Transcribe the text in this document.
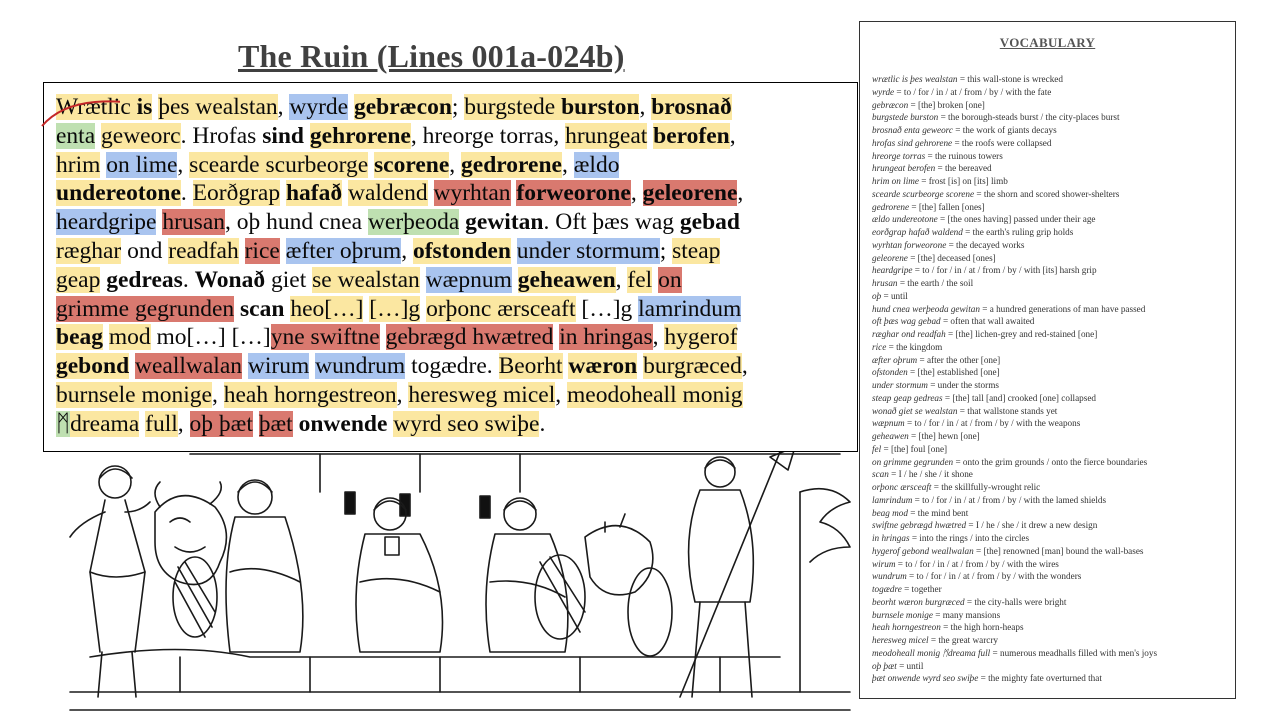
The Ruin (Lines 001a-024b)
Wrætlic is þes wealstan, wyrde gebræcon; burgstede burston, brosnað
enta geweorc. Hrofas sind gehrorene, hreorge torras, hrungeat berofen,
hrim on lime, scearde scurbeorge scorene, gedrorene, ældo
undereotone. Eorðgrap hafað waldend wyrhtan forweorone, geleorene,
heardgripe hrusan, oþ hund cnea werþeoda gewitan. Oft þæs wag gebad
ræghar ond readfah rice æfter oþrum, ofstonden under stormum; steap
geap gedreas. Wonað giet se wealstan wæpnum geheawen, fel on
grimme gegrunden scan heo[…] […]g orþonc ærsceaft […]g lamrindum
beag mod mo[…] […]yne swiftne gebrægd hwætred in hringas, hygerof
gebond weallwalan wirum wundrum togædre. Beorht wæron burgræced,
burnsele monige, heah horngestreon, heresweg micel, meodoheall monig
ᛗdreama full, oþ þæt þæt onwende wyrd seo swiþe.
VOCABULARY
wrætlic is þes wealstan = this wall-stone is wrecked
wyrde = to / for / in / at / from / by / with the fate
gebræcon = [the] broken [one]
burgstede burston = the borough-steads burst / the city-places burst
brosnað enta geweorc = the work of giants decays
hrofas sind gehrorene = the roofs were collapsed
hreorge torras = the ruinous towers
hrungeat berofen = the bereaved
hrim on lime = frost [is] on [its] limb
scearde scurbeorge scorene = the shorn and scored shower-shelters
gedrorene = [the] fallen [ones]
ældo undereotone = [the ones having] passed under their age
eorðgrap hafað waldend = the earth's ruling grip holds
wyrhtan forweorone = the decayed works
geleorene = [the] deceased [ones]
heardgripe = to / for / in / at / from / by / with [its] harsh grip
hrusan = the earth / the soil
oþ = until
hund cnea werþeoda gewitan = a hundred generations of man have passed
oft þæs wag gebad = often that wall awaited
ræghar ond readfah = [the] lichen-grey and red-stained [one]
rice = the kingdom
æfter oþrum = after the other [one]
ofstonden = [the] established [one]
under stormum = under the storms
steap geap gedreas = [the] tall [and] crooked [one] collapsed
wonað giet se wealstan = that wallstone stands yet
wæpnum = to / for / in / at / from / by / with the weapons
geheawen = [the] hewn [one]
fel = [the] foul [one]
on grimme gegrunden = onto the grim grounds / onto the fierce boundaries
scan = I / he / she / it shone
orþonc ærsceaft = the skillfully-wrought relic
lamrindum = to / for / in / at / from / by / with the lamed shields
beag mod = the mind bent
swiftne gebrægd hwætred = I / he / she / it drew a new design
in hringas = into the rings / into the circles
hygerof gebond weallwalan = [the] renowned [man] bound the wall-bases
wirum = to / for / in / at / from / by / with the wires
wundrum = to / for / in / at / from / by / with the wonders
togædre = together
beorht wæron burgræced = the city-halls were bright
burnsele monige = many mansions
heah horngestreon = the high horn-heaps
heresweg micel = the great warcry
meodoheall monig ᛗdreama full = numerous meadhalls filled with men's joys
oþ þæt = until
þæt onwende wyrd seo swiþe = the mighty fate overturned that
